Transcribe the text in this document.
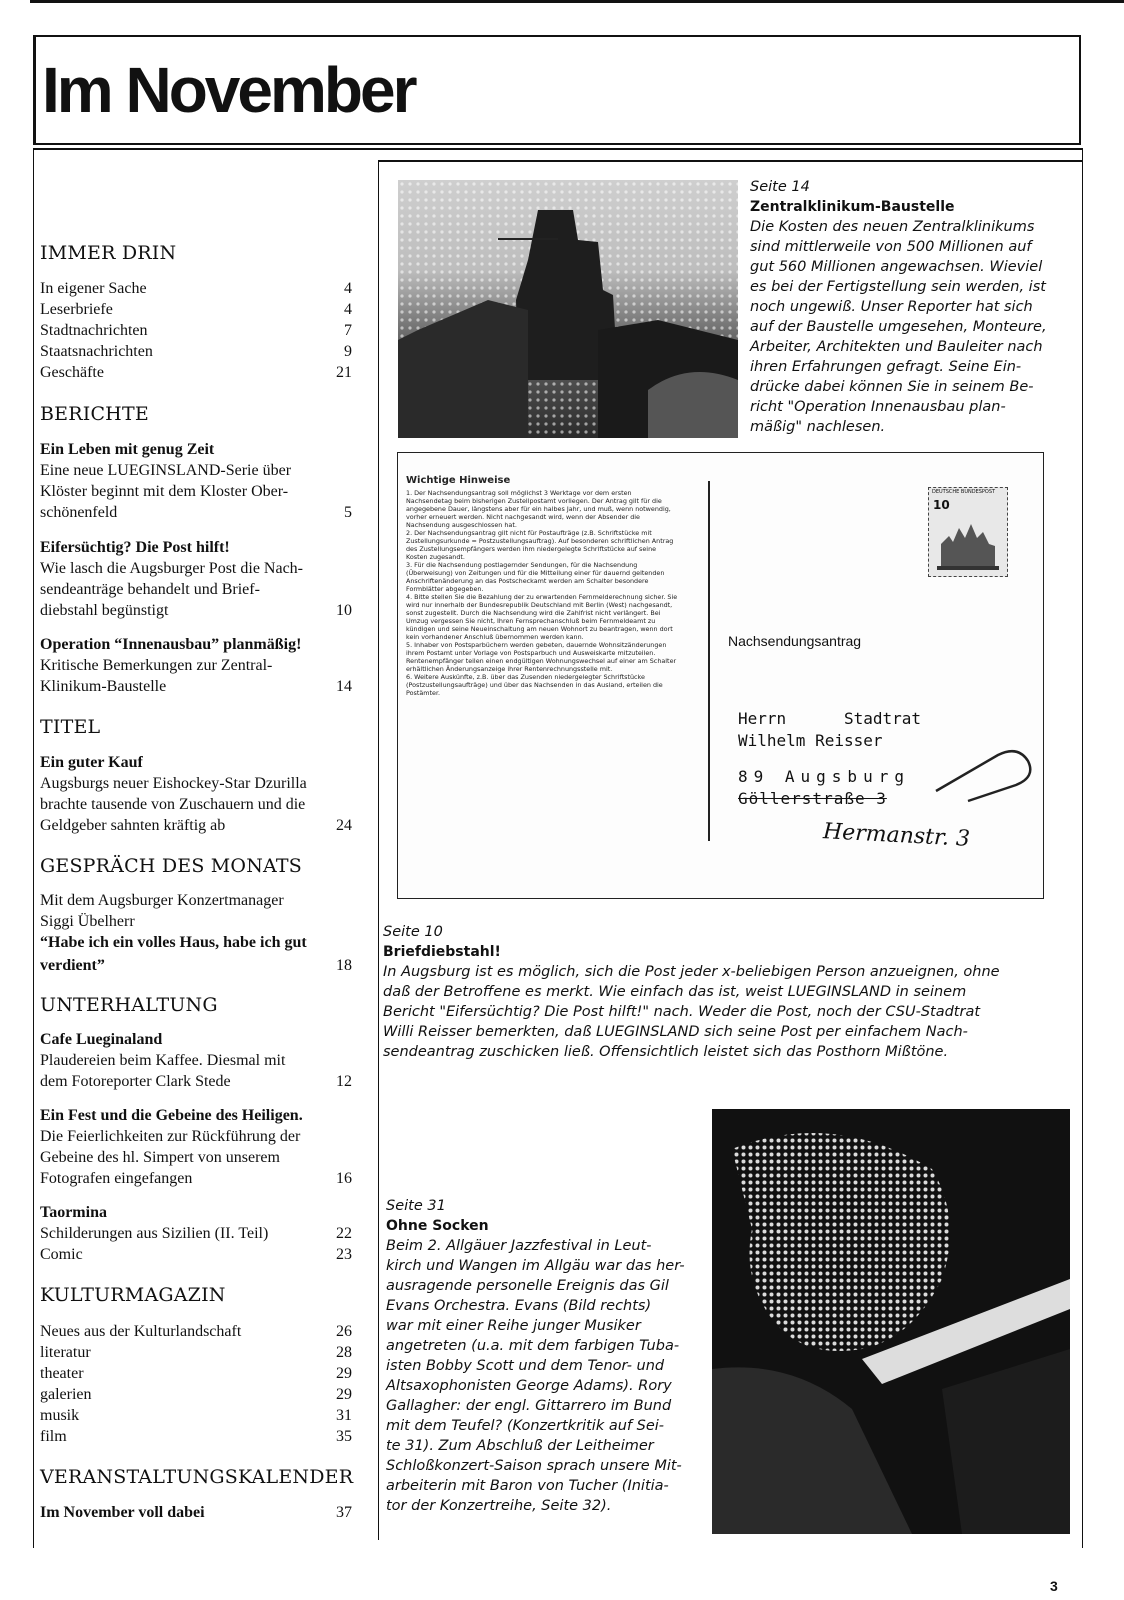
Im November
IMMER DRIN
In eigener Sache	4
Leserbriefe	4
Stadtnachrichten	7
Staatsnachrichten	9
Geschäfte	21
BERICHTE
Ein Leben mit genug Zeit
Eine neue LUEGINSLAND-Serie über
Klöster beginnt mit dem Kloster Ober-
schönenfeld	5
Eifersüchtig? Die Post hilft!
Wie lasch die Augsburger Post die Nach-
sendeanträge behandelt und Brief-
diebstahl begünstigt	10
Operation “Innenausbau” planmäßig!
Kritische Bemerkungen zur Zentral-
Klinikum-Baustelle	14
TITEL
Ein guter Kauf
Augsburgs neuer Eishockey-Star Dzurilla
brachte tausende von Zuschauern und die
Geldgeber sahnten kräftig ab	24
GESPRÄCH DES MONATS
Mit dem Augsburger Konzertmanager
Siggi Übelherr
“Habe ich ein volles Haus, habe ich gut
verdient”	18
UNTERHALTUNG
Cafe Lueginaland
Plaudereien beim Kaffee. Diesmal mit
dem Fotoreporter Clark Stede	12
Ein Fest und die Gebeine des Heiligen.
Die Feierlichkeiten zur Rückführung der
Gebeine des hl. Simpert von unserem
Fotografen eingefangen	16
Taormina
Schilderungen aus Sizilien (II. Teil)	22
Comic	23
KULTURMAGAZIN
Neues aus der Kulturlandschaft	26
literatur	28
theater	29
galerien	29
musik	31
film	35
VERANSTALTUNGSKALENDER
Im November voll dabei	37
Seite 14
Zentralklinikum-Baustelle
Die Kosten des neuen Zentralklinikums
sind mittlerweile von 500 Millionen auf
gut 560 Millionen angewachsen. Wieviel
es bei der Fertigstellung sein werden, ist
noch ungewiß. Unser Reporter hat sich
auf der Baustelle umgesehen, Monteure,
Arbeiter, Architekten und Bauleiter nach
ihren Erfahrungen gefragt. Seine Ein-
drücke dabei können Sie in seinem Be-
richt "Operation Innenausbau plan-
mäßig" nachlesen.
Wichtige Hinweise
1. Der Nachsendungsantrag soll möglichst 3 Werktage vor dem ersten Nachsendetag beim bisherigen Zustellpostamt vorliegen. Der Antrag gilt für die angegebene Dauer, längstens aber für ein halbes Jahr, und muß, wenn notwendig, vorher erneuert werden. Nicht nachgesandt wird, wenn der Absender die Nachsendung ausgeschlossen hat.
2. Der Nachsendungsantrag gilt nicht für Postaufträge (z.B. Schriftstücke mit Zustellungsurkunde = Postzustellungsauftrag). Auf besonderen schriftlichen Antrag des Zustellungsempfängers werden ihm niedergelegte Schriftstücke auf seine Kosten zugesandt.
3. Für die Nachsendung postlagernder Sendungen, für die Nachsendung (Überweisung) von Zeitungen und für die Mitteilung einer für dauernd geltenden Anschriftenänderung an das Postscheckamt werden am Schalter besondere Formblätter abgegeben.
4. Bitte stellen Sie die Bezahlung der zu erwartenden Fernmelderechnung sicher. Sie wird nur innerhalb der Bundesrepublik Deutschland mit Berlin (West) nachgesandt, sonst zugestellt. Durch die Nachsendung wird die Zahlfrist nicht verlängert. Bei Umzug vergessen Sie nicht, Ihren Fernsprechanschluß beim Fernmeldeamt zu kündigen und seine Neueinschaltung am neuen Wohnort zu beantragen, wenn dort kein vorhandener Anschluß übernommen werden kann.
5. Inhaber von Postsparbüchern werden gebeten, dauernde Wohnsitzänderungen ihrem Postamt unter Vorlage von Postsparbuch und Ausweiskarte mitzuteilen. Rentenempfänger teilen einen endgültigen Wohnungswechsel auf einer am Schalter erhältlichen Änderungsanzeige ihrer Rentenrechnungsstelle mit.
6. Weitere Auskünfte, z.B. über das Zusenden niedergelegter Schriftstücke (Postzustellungsaufträge) und über das Nachsenden in das Ausland, erteilen die Postämter.
DEUTSCHE BUNDESPOST
10
Nachsendungsantrag
Herrn      Stadtrat
Wilhelm Reisser
89 Augsburg
Göllerstraße 3
Hermanstr. 3
Seite 10
Briefdiebstahl!
In Augsburg ist es möglich, sich die Post jeder x-beliebigen Person anzueignen, ohne
daß der Betroffene es merkt. Wie einfach das ist, weist LUEGINSLAND in seinem
Bericht "Eifersüchtig? Die Post hilft!" nach. Weder die Post, noch der CSU-Stadtrat
Willi Reisser bemerkten, daß LUEGINSLAND sich seine Post per einfachem Nach-
sendeantrag zuschicken ließ. Offensichtlich leistet sich das Posthorn Mißtöne.
Seite 31
Ohne Socken
Beim 2. Allgäuer Jazzfestival in Leut-
kirch und Wangen im Allgäu war das her-
ausragende personelle Ereignis das Gil
Evans Orchestra. Evans (Bild rechts)
war mit einer Reihe junger Musiker
angetreten (u.a. mit dem farbigen Tuba-
isten Bobby Scott und dem Tenor- und
Altsaxophonisten George Adams). Rory
Gallagher: der engl. Gittarrero im Bund
mit dem Teufel? (Konzertkritik auf Sei-
te 31). Zum Abschluß der Leitheimer
Schloßkonzert-Saison sprach unsere Mit-
arbeiterin mit Baron von Tucher (Initia-
tor der Konzertreihe, Seite 32).
3
